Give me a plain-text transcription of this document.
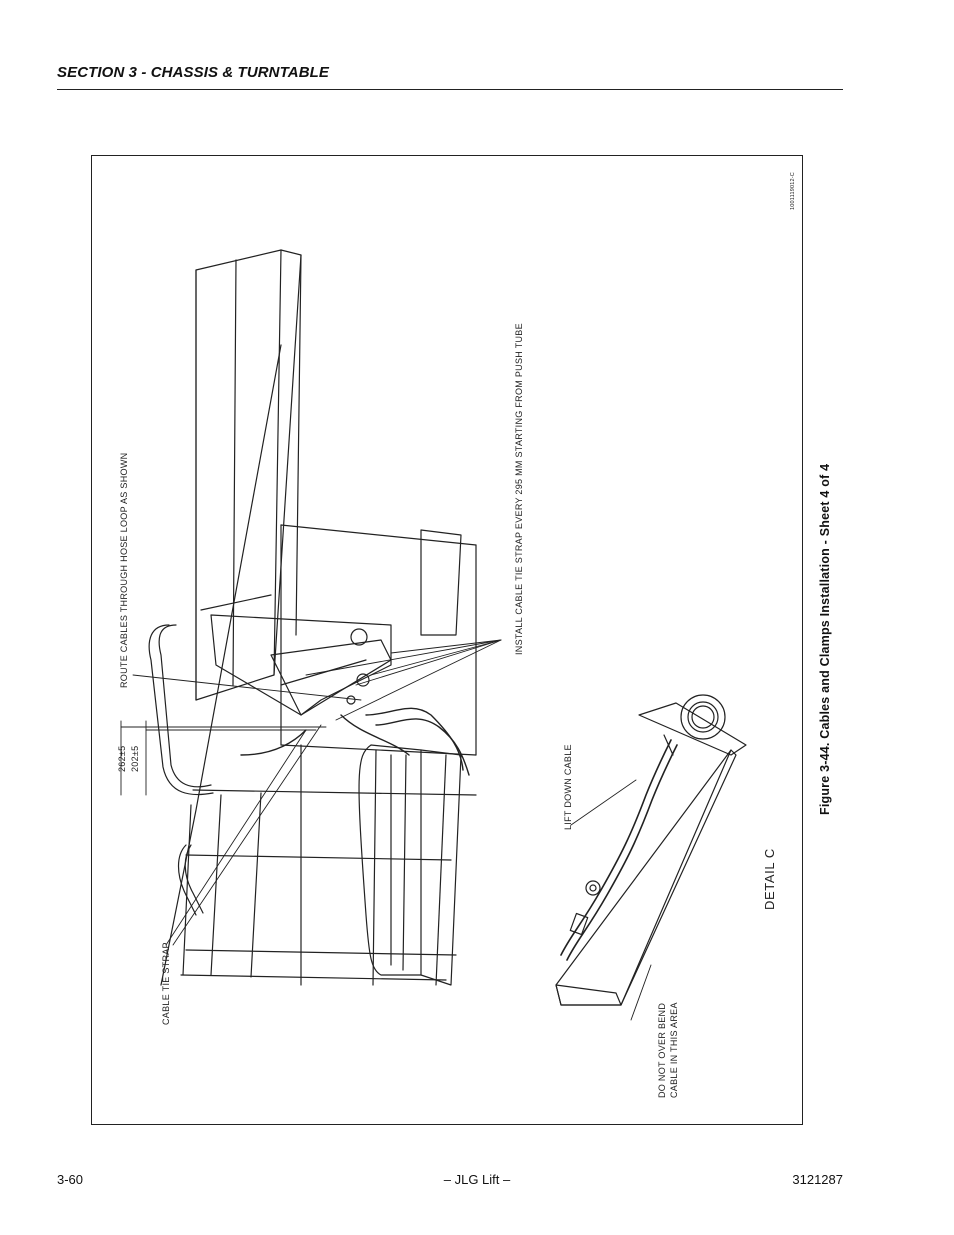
SECTION 3 - CHASSIS & TURNTABLE
1001119012-C
INSTALL CABLE TIE STRAP EVERY 295 MM STARTING FROM PUSH TUBE
ROUTE CABLES THROUGH HOSE LOOP AS SHOWN
262±5 202±5
CABLE TIE STRAP
LIFT DOWN CABLE
DETAIL C
DO NOT OVER BEND CABLE IN THIS AREA
Figure 3-44. Cables and Clamps Installation - Sheet 4 of 4
3-60	– JLG Lift –	3121287
